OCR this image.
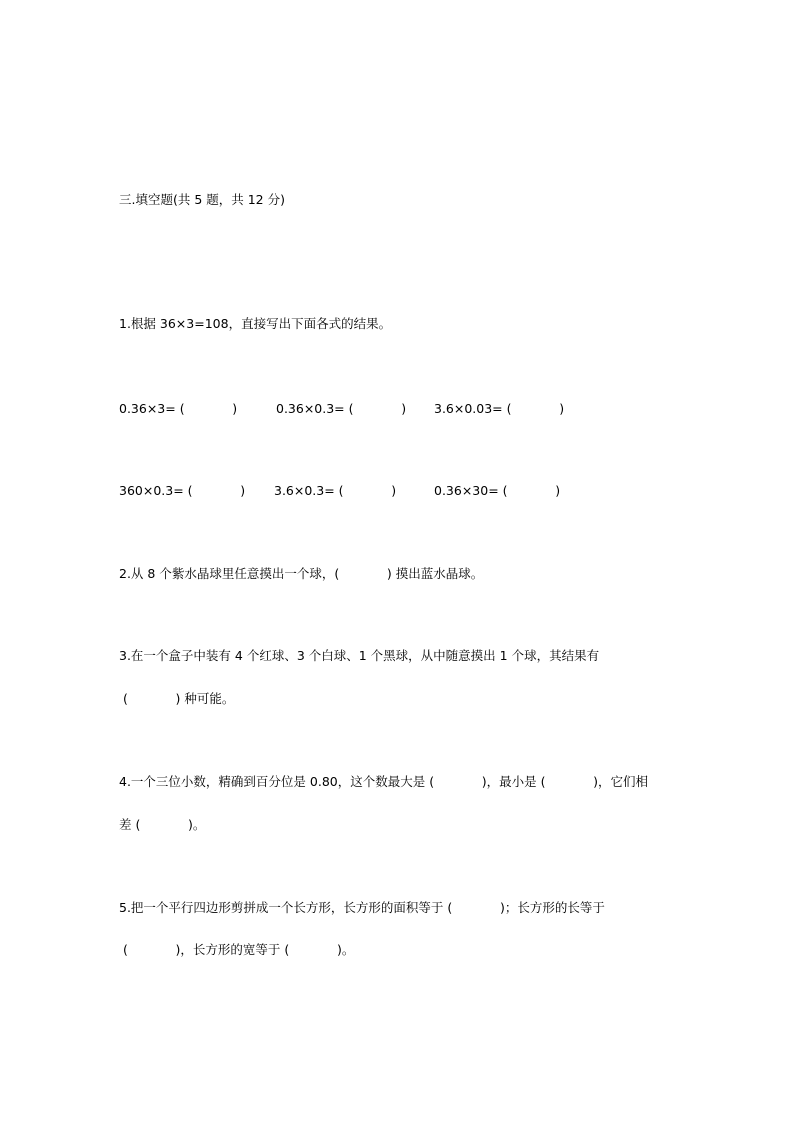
三.填空题(共 5 题，共 12 分)
1.根据 36×3=108，直接写出下面各式的结果。
0.36×3= (            )	0.36×0.3= (            ) 3.6×0.03= (            )
360×0.3= (            ) 3.6×0.3= (            )	0.36×30= (            )
2.从 8 个紫水晶球里任意摸出一个球，(            ) 摸出蓝水晶球。
3.在一个盒子中装有 4 个红球、3 个白球、1 个黑球，从中随意摸出 1 个球，其结果有
(            ) 种可能。
4.一个三位小数，精确到百分位是 0.80，这个数最大是 (            )，最小是 (            )，它们相
差 (            )。
5.把一个平行四边形剪拼成一个长方形，长方形的面积等于 (            )；长方形的长等于
(            )，长方形的宽等于 (            )。
